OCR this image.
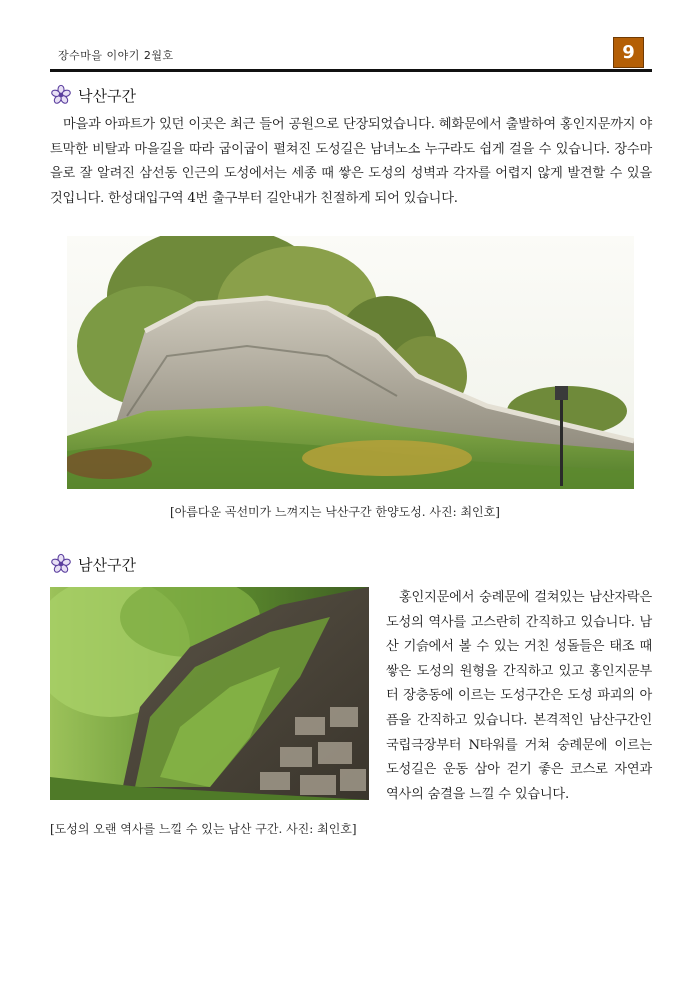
장수마을 이야기 2월호	9
낙산구간

마을과 아파트가 있던 이곳은 최근 들어 공원으로 단장되었습니다. 혜화문에서 출발하여 홍인지문까지 야트막한 비탈과 마을길을 따라 굽이굽이 펼쳐진 도성길은 남녀노소 누구라도 쉽게 걸을 수 있습니다. 장수마을로 잘 알려진 삼선동 인근의 도성에서는 세종 때 쌓은 도성의 성벽과 각자를 어렵지 않게 발견할 수 있을 것입니다. 한성대입구역 4번 출구부터 길안내가 친절하게 되어 있습니다.

[아름다운 곡선미가 느껴지는 낙산구간 한양도성. 사진: 최인호]
남산구간

홍인지문에서 숭례문에 걸쳐있는 남산자락은 도성의 역사를 고스란히 간직하고 있습니다. 남산 기슭에서 볼 수 있는 거친 성돌들은 태조 때 쌓은 도성의 원형을 간직하고 있고 홍인지문부터 장충동에 이르는 도성구간은 도성 파괴의 아픔을 간직하고 있습니다. 본격적인 남산구간인 국립극장부터 N타워를 거쳐 숭례문에 이르는 도성길은 운동 삼아 걷기 좋은 코스로 자연과 역사의 숨결을 느낄 수 있습니다.

[도성의 오랜 역사를 느낄 수 있는 남산 구간. 사진: 최인호]
